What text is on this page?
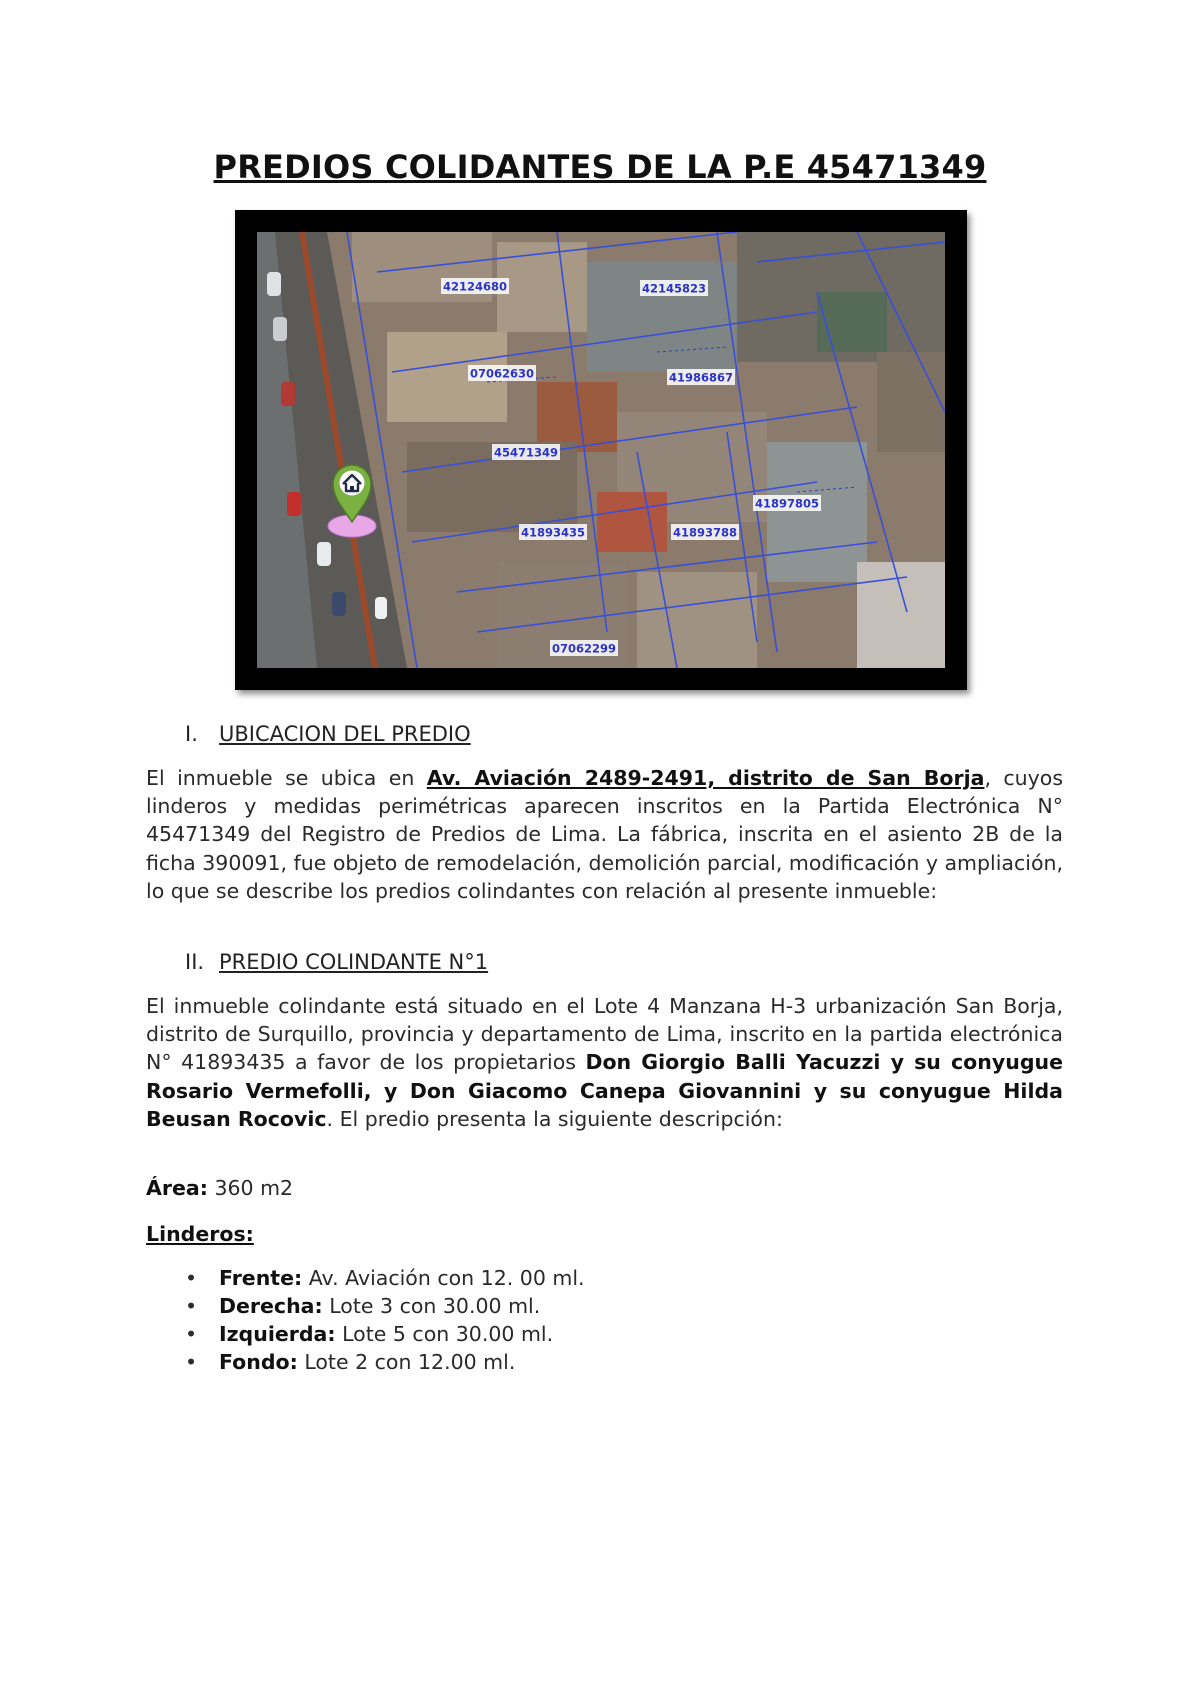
PREDIOS COLIDANTES DE LA P.E 45471349
42124680	42145823
07062630	41986867
45471349
41897805
41893435	41893788
07062299
I. UBICACION DEL PREDIO

El inmueble se ubica en Av. Aviación 2489-2491, distrito de San Borja, cuyos linderos y medidas perimétricas aparecen inscritos en la Partida Electrónica N° 45471349 del Registro de Predios de Lima. La fábrica, inscrita en el asiento 2B de la ficha 390091, fue objeto de remodelación, demolición parcial, modificación y ampliación, lo que se describe los predios colindantes con relación al presente inmueble:

II. PREDIO COLINDANTE N°1

El inmueble colindante está situado en el Lote 4 Manzana H-3 urbanización San Borja, distrito de Surquillo, provincia y departamento de Lima, inscrito en la partida electrónica N° 41893435 a favor de los propietarios Don Giorgio Balli Yacuzzi y su conyugue Rosario Vermefolli, y Don Giacomo Canepa Giovannini y su conyugue Hilda Beusan Rocovic. El predio presenta la siguiente descripción:

Área: 360 m2

Linderos:

• Frente: Av. Aviación con 12. 00 ml.
• Derecha: Lote 3 con 30.00 ml.
• Izquierda: Lote 5 con 30.00 ml.
• Fondo: Lote 2 con 12.00 ml.
